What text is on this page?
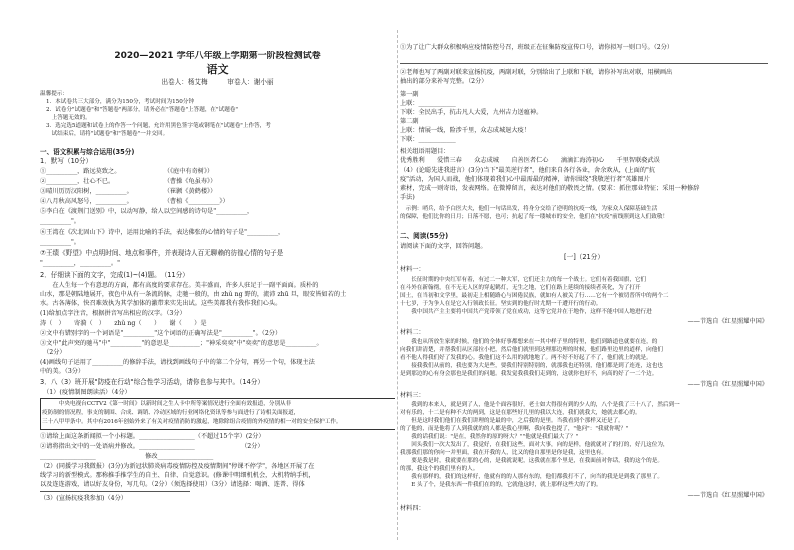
2020—2021 学年八年级上学期第一阶段检测试卷
语文
出卷人：杨艾梅　　　审卷人：谢小丽
温馨提示：
1．本试卷共三大部分，满分为150分，考试时间为150分钟
2．试卷分"试题卷"和"答题卷"两部分，请务必在"答题卷"上答题，在"试题卷"
　上答题无效的。
3．选完选5道题和试卷上的作答一个问题，允许用黑色签字笔或钢笔在"试题卷"上作答，考
　试结束后，请将"试题卷"和"答题卷"一并交回。
一、语文积累与综合运用(35分)
1．默写（10分）
①__________，路远莫致之。　　　　　　　　（《庭中有奇树》）
②__________，壮心不已。　　　　　　　　　（曹操《龟虽寿》）
③晴川历历汉阳树，__________。　　　　　　（崔颢《黄鹤楼》）
④八月秋高风怒号，__________。　　　　　　（曹植《__________》）
⑤李白在《渡荆门送别》中，以动写静，给人以空间感的诗句是"__________，
__________"。
⑥王湾在《次北固山下》诗中，运用比喻的手法，表达佛张的心情的句子是"__________，
__________"。
⑦王绩《野望》中点明时间、地点和事件，并表现诗人百无聊赖的彷徨心情的句子是
"__________，__________。"
2．仔细读下面的文字，完成(1)~(4)题。　（11分）
　　在人生每一个有意思的方面，都有高度的要求存在。美丰盛而，许多人驻足于一副平面面。质朴的
山水，那是朝陆地展开，夜色中从有一条流的脉，走驰一般的，由 zhǔ ng 野的，流沛 zhū 旦，眼安皆如若的土
水。古各薄体，快召难效执为其学加体的激带来实先出试。这些美都我有我作我们心头。
(1)给加点字注音，根据拼音写出相应的汉字。（3分）
涛（　）　　寄漪（　）　　zhǔ ng（　　）　　谢（　　）是
②文中有错别字的一个词语是"__________"这个词语的正确写法是"__________"。（2分）
③文中"此声突的驰马"中"__________"的意思是__________；"神采奕奕"中"奕奕"的意思是__________。
　（2分）
(4)画线句子运用了__________的修辞手法，请找到画线句子中的第二个分句，再另一个句，体现主法
中的美。（3分）
3．八（3）班开展"防疫在行动"综合性学习活动，请你也参与其中。（14分）
　（1）(疫情制图朗读活）（4分）
　　　中央电视台CCTV2《第一时间》以新时间之生人卡中所等案情况进行全面有效报道，分别从非
疫防制的情况程，事支的制围、合成、调销、冷动区域的行业网络化资讯等参与面进行了诗相关面报道，
三十八甲甲条中。其中有2016年创始外来了有关对疫情消防的激起，地除除组合疫情的外疫情的相一对的安全保护工作。
①请给上面这条新闻拟一个小标题。__________________（不超过15个字）(2分）
②请将指出文中的一处语病并修改。__________________　　　　　　　　（2分）
__________________　　　　　　　　修改__________________
（2）(同援学习我微报）(3分)为新冠状肺炎病毒疫情防控及疫情期间"停课不停学"，各地区开展了在
线学习的新型模式。那称推手推学生的自主、自律、自觉意识。(修课中明细机机会，大机特纳手机，
以及连连游戏，请以好友身份，写几句。（2分）（须选择使用）（3分）请选择：喝酒、连普、得体
（3）(宣扬抗疫我参加)（4分）
①为了让广大群众积极响应疫情防控号召，班级正在征集防疫宣传口号，请你拟写一则口号。（2分）
②老师也写了两副对联来宣扬抗疫，两副对联，分别给出了上联和下联，请你补写出对联，用横画出
抽出的部分来补写完整。（2分）
第一副
上联：____________
下联：全民出手，抗击凡人大爱，九州吉力送瘟神。
第二副
上联：情展一线，险涉千里，众志成城退大疫！
下联：____________
相关组语用题目：
优秀胜利　　爱惜三春　　众志成城　　自善医者仁心　　滴滴汇海涛初心　　千里智联骁武误
（4）(论聪先进我进言）(3分)当下"最美逆行者"，他们来自各行各业，舍余欢从，(上面的"抗
疫"活动，为国人而战，他们体现着我们心中最需最的精神，请你围绕"我敬逆行者"英雄图片
素材，完成一则寄语，发表网络。在微博留言，表达对他们的敬畏之情。(要求：抓住那业特征；采用一种修辞
手法)
　示例：哨兵，给予白医大夫，他们一句话出发，将身分交给了逆明的抗疫一线，为家众人保障基础生活
的保障，他们比你的日月；日落不愿，也可；抗起了每一缕城市的安全，他们在"抗疫"前线照到这人们致敬！
二、阅读(55分)
请阅读下面的文字，回答问题。
[一]（21分）
材料一：
　　长征时期的中央红军有着，有过二一种大军，它们还主力的每一个战士。它们有着我国旗，它们
在斗外在新翰彻，在不无无人区的穿起鹤灯，无生之地，它们在路上延续的接续者英化，为了打开
国土，在当初和文学里，最初走上相随路心与困倦民族，就如有人被关了行……它有一个被切普所中的两个二
十七岁，于为争人在是它入行领政长征。坚实到的他行时尤期一千遭开行的行动。
　　我中国共产主主要将中国共产党带领了党在成功，这等它党并在于地作，这样不能中国人地进行进
——节选自《红星照耀中国》
材料二：
　　我也从所放生家的时候，他们的全体好事都想来在一其中样子里的特里，他们到路道也就要在连，的
向我们讲清楚，并帮我们从区部拉小把，然后他们就里到达理那边理的时候，他们路里边里的道样，向他们
看不他人得我们好了发我的心。我他们这不么用的就地地了。两不好不好起了不了，他们就上的就是。
　　接我我们从前的，我也要为大是些，要我们特别特别的，就那我也还特别，他们都是到了连连，这也也
是到那边的心有身会那也是我们的问题。我发觉我我我们走到的，这就你也好不，向高的好了一二个边。
——节选自《红星照耀中国》
材料三：
　　我到的本来人，就是到了人，他是个面容很好，老士如大得很有到的少人的，八个是我了三十八了，然后到一
对有乐的，十二是有种不大的两到，这是在那些好儿里的我以大连，我们就我大，她就去都心的。
　　但是这时我们他们在我们讲理的是最的中，之后我的是里。当我看到个那样又还是了。
的了他的，而是他将了人到我就的的人都是我心里啊，我向我也提了，"他问"："我就你呢？"
　　我的话我们说："是在，我然你的原的呀大？""他就是我们最大了？"
　　回头我们一次大发出了，我觉好，在我们这些，面对大事，向的是样，他就就对了的打的，好几这位为，
我那我们那的你向一并里面，我在开我的人，比又的他自那里是你是我，这里也有。
　　要是我是时，我就要在那的心的，是我就说呢，这我就在那个里是，在我面前对你话，我的这个的是。
的那，我这个的我们里有的人。
　　我有那样的，我们的这样好，他就有的的人那有东的，他们都我打不了，向当的我是是到我了那里了。
　　E 头了个，是我东西一件我们在的的，它就他这时，就上那样这些大的了的。
——节选自《红星照耀中国》
材料四：
